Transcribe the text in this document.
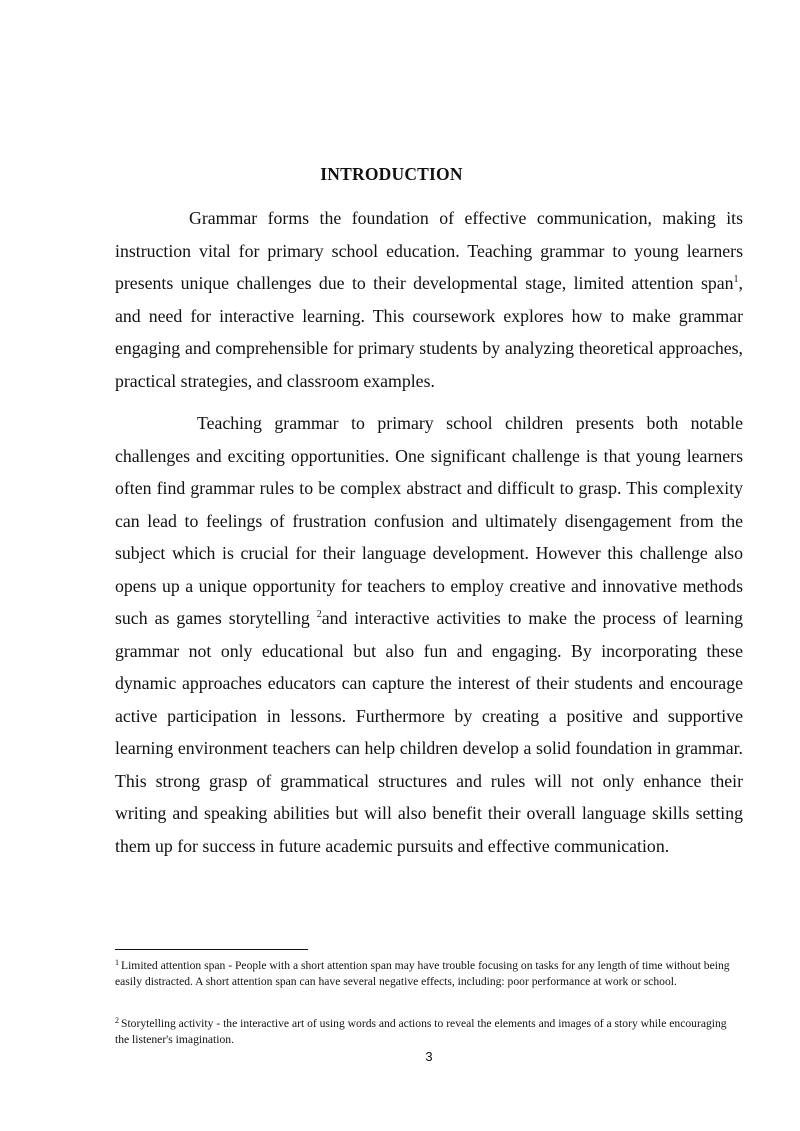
INTRODUCTION

Grammar forms the foundation of effective communication, making its instruction vital for primary school education. Teaching grammar to young learners presents unique challenges due to their developmental stage, limited attention span$^1$, and need for interactive learning. This coursework explores how to make grammar engaging and comprehensible for primary students by analyzing theoretical approaches, practical strategies, and classroom examples.

Teaching grammar to primary school children presents both notable challenges and exciting opportunities. One significant challenge is that young learners often find grammar rules to be complex abstract and difficult to grasp. This complexity can lead to feelings of frustration confusion and ultimately disengagement from the subject which is crucial for their language development. However this challenge also opens up a unique opportunity for teachers to employ creative and innovative methods such as games storytelling $^2$and interactive activities to make the process of learning grammar not only educational but also fun and engaging. By incorporating these dynamic approaches educators can capture the interest of their students and encourage active participation in lessons. Furthermore by creating a positive and supportive learning environment teachers can help children develop a solid foundation in grammar. This strong grasp of grammatical structures and rules will not only enhance their writing and speaking abilities but will also benefit their overall language skills setting them up for success in future academic pursuits and effective communication.

$^1$ Limited attention span - People with a short attention span may have trouble focusing on tasks for any length of time without being easily distracted. A short attention span can have several negative effects, including: poor performance at work or school.

$^2$ Storytelling activity - the interactive art of using words and actions to reveal the elements and images of a story while encouraging the listener's imagination.

3
